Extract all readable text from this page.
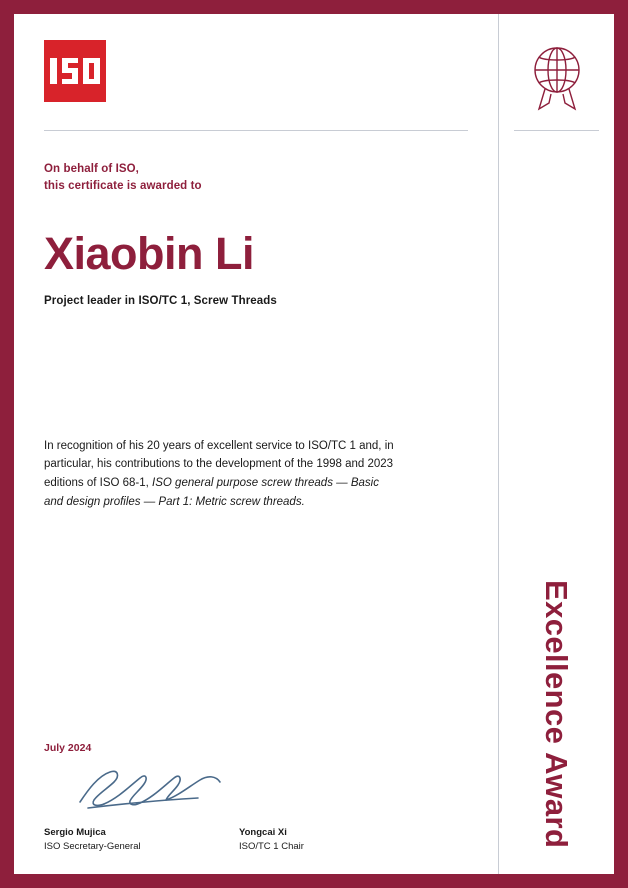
On behalf of ISO,
this certificate is awarded to
Xiaobin Li
Project leader in ISO/TC 1, Screw Threads
In recognition of his 20 years of excellent service to ISO/TC 1 and, in particular, his contributions to the development of the 1998 and 2023 editions of ISO 68-1, ISO general purpose screw threads — Basic and design profiles — Part 1: Metric screw threads.
July 2024
Sergio Mujica
ISO Secretary-General
Yongcai Xi
ISO/TC 1 Chair	Excellence Award
